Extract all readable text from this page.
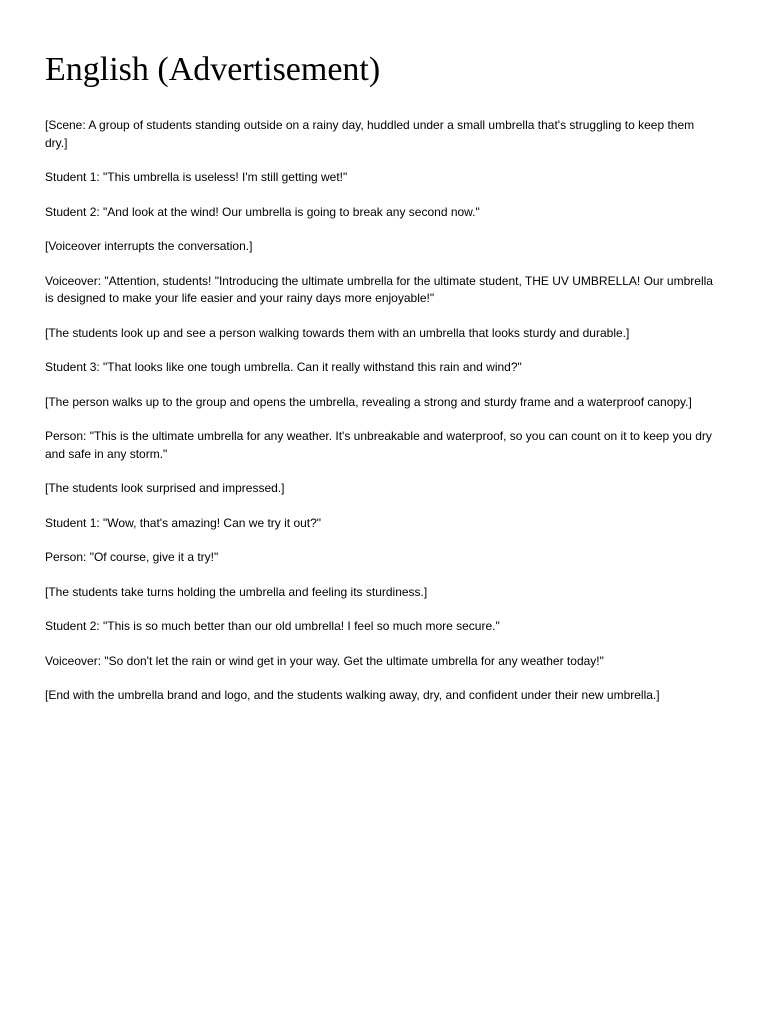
English (Advertisement)

[Scene: A group of students standing outside on a rainy day, huddled under a small umbrella that's struggling to keep them dry.]

Student 1: "This umbrella is useless! I'm still getting wet!"

Student 2: "And look at the wind! Our umbrella is going to break any second now."

[Voiceover interrupts the conversation.]

Voiceover: "Attention, students! "Introducing the ultimate umbrella for the ultimate student, THE UV UMBRELLA! Our umbrella is designed to make your life easier and your rainy days more enjoyable!"

[The students look up and see a person walking towards them with an umbrella that looks sturdy and durable.]

Student 3: "That looks like one tough umbrella. Can it really withstand this rain and wind?"

[The person walks up to the group and opens the umbrella, revealing a strong and sturdy frame and a waterproof canopy.]

Person: "This is the ultimate umbrella for any weather. It's unbreakable and waterproof, so you can count on it to keep you dry and safe in any storm."

[The students look surprised and impressed.]

Student 1: "Wow, that's amazing! Can we try it out?"

Person: "Of course, give it a try!"

[The students take turns holding the umbrella and feeling its sturdiness.]

Student 2: "This is so much better than our old umbrella! I feel so much more secure."

Voiceover: "So don't let the rain or wind get in your way. Get the ultimate umbrella for any weather today!"

[End with the umbrella brand and logo, and the students walking away, dry, and confident under their new umbrella.]
